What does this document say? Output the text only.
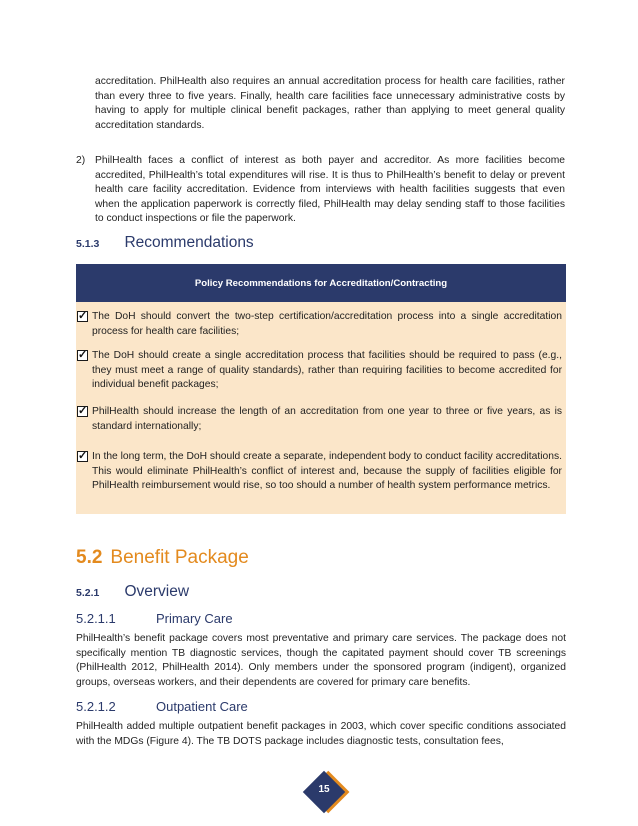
accreditation. PhilHealth also requires an annual accreditation process for health care facilities, rather than every three to five years. Finally, health care facilities face unnecessary administrative costs by having to apply for multiple clinical benefit packages, rather than applying to meet general quality accreditation standards.
2) PhilHealth faces a conflict of interest as both payer and accreditor. As more facilities become accredited, PhilHealth’s total expenditures will rise. It is thus to PhilHealth’s benefit to delay or prevent health care facility accreditation. Evidence from interviews with health facilities suggests that even when the application paperwork is correctly filed, PhilHealth may delay sending staff to those facilities to conduct inspections or file the paperwork.
5.1.3 Recommendations
Policy Recommendations for Accreditation/Contracting
✓ The DoH should convert the two-step certification/accreditation process into a single accreditation process for health care facilities;
✓ The DoH should create a single accreditation process that facilities should be required to pass (e.g., they must meet a range of quality standards), rather than requiring facilities to become accredited for individual benefit packages;
✓ PhilHealth should increase the length of an accreditation from one year to three or five years, as is standard internationally;
✓ In the long term, the DoH should create a separate, independent body to conduct facility accreditations. This would eliminate PhilHealth’s conflict of interest and, because the supply of facilities eligible for PhilHealth reimbursement would rise, so too should a number of health system performance metrics.
5.2 Benefit Package
5.2.1 Overview
5.2.1.1	Primary Care
PhilHealth’s benefit package covers most preventative and primary care services. The package does not specifically mention TB diagnostic services, though the capitated payment should cover TB screenings (PhilHealth 2012, PhilHealth 2014). Only members under the sponsored program (indigent), organized groups, overseas workers, and their dependents are covered for primary care benefits.
5.2.1.2	Outpatient Care
PhilHealth added multiple outpatient benefit packages in 2003, which cover specific conditions associated with the MDGs (Figure 4). The TB DOTS package includes diagnostic tests, consultation fees,
15
